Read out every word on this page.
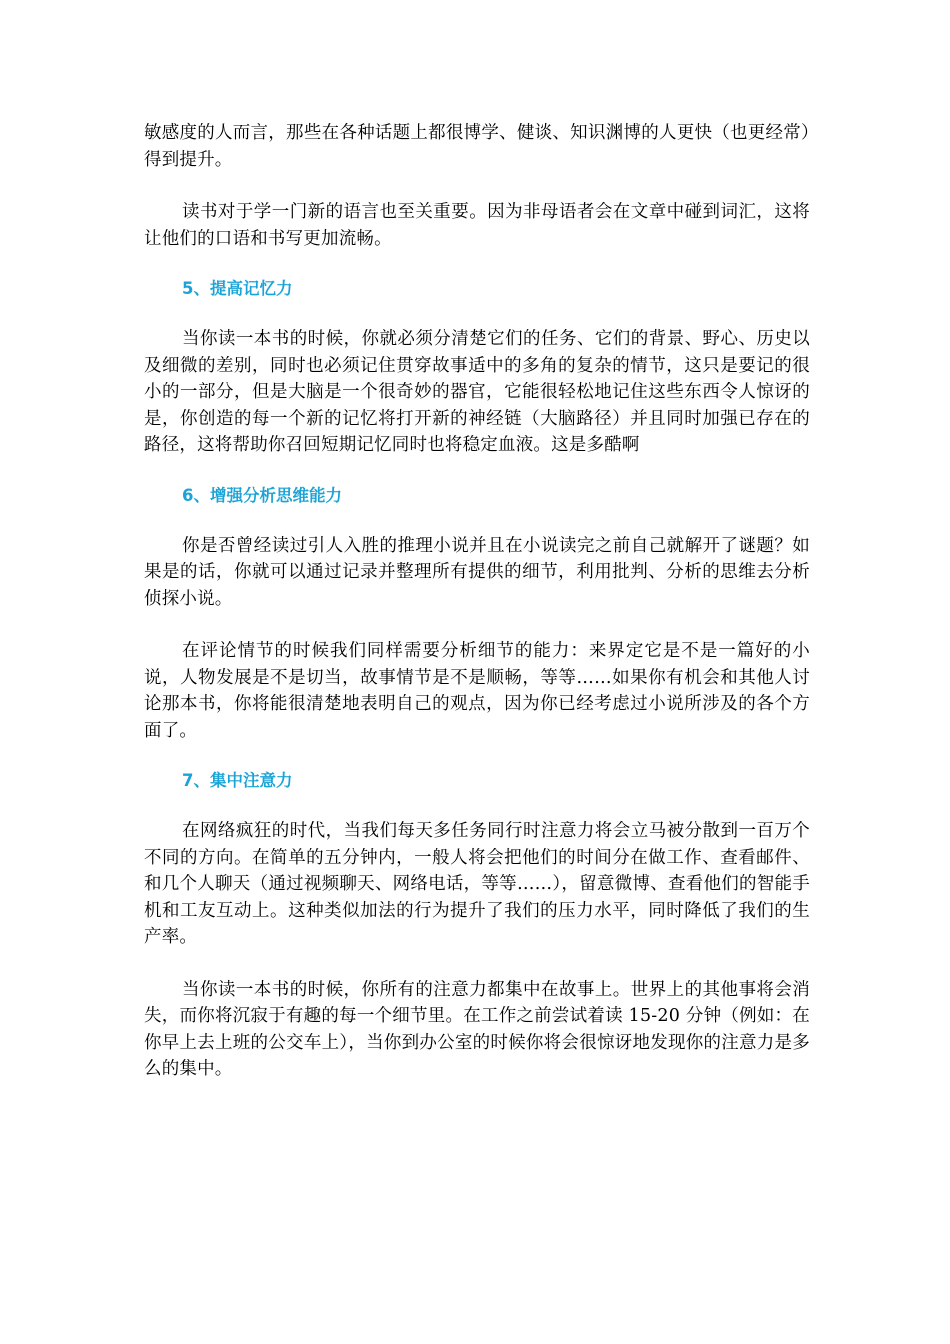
敏感度的人而言，那些在各种话题上都很博学、健谈、知识渊博的人更快（也更经常）得到提升。

读书对于学一门新的语言也至关重要。因为非母语者会在文章中碰到词汇，这将让他们的口语和书写更加流畅。

5、提高记忆力

当你读一本书的时候，你就必须分清楚它们的任务、它们的背景、野心、历史以及细微的差别，同时也必须记住贯穿故事适中的多角的复杂的情节，这只是要记的很小的一部分，但是大脑是一个很奇妙的器官，它能很轻松地记住这些东西令人惊讶的是，你创造的每一个新的记忆将打开新的神经链（大脑路径）并且同时加强已存在的路径，这将帮助你召回短期记忆同时也将稳定血液。这是多酷啊

6、增强分析思维能力

你是否曾经读过引人入胜的推理小说并且在小说读完之前自己就解开了谜题？如果是的话，你就可以通过记录并整理所有提供的细节，利用批判、分析的思维去分析侦探小说。

在评论情节的时候我们同样需要分析细节的能力：来界定它是不是一篇好的小说，人物发展是不是切当，故事情节是不是顺畅，等等……如果你有机会和其他人讨论那本书，你将能很清楚地表明自己的观点，因为你已经考虑过小说所涉及的各个方面了。

7、集中注意力

在网络疯狂的时代，当我们每天多任务同行时注意力将会立马被分散到一百万个不同的方向。在简单的五分钟内，一般人将会把他们的时间分在做工作、查看邮件、和几个人聊天（通过视频聊天、网络电话，等等……），留意微博、查看他们的智能手机和工友互动上。这种类似加法的行为提升了我们的压力水平，同时降低了我们的生产率。

当你读一本书的时候，你所有的注意力都集中在故事上。世界上的其他事将会消失，而你将沉寂于有趣的每一个细节里。在工作之前尝试着读 15-20 分钟（例如：在你早上去上班的公交车上），当你到办公室的时候你将会很惊讶地发现你的注意力是多么的集中。
